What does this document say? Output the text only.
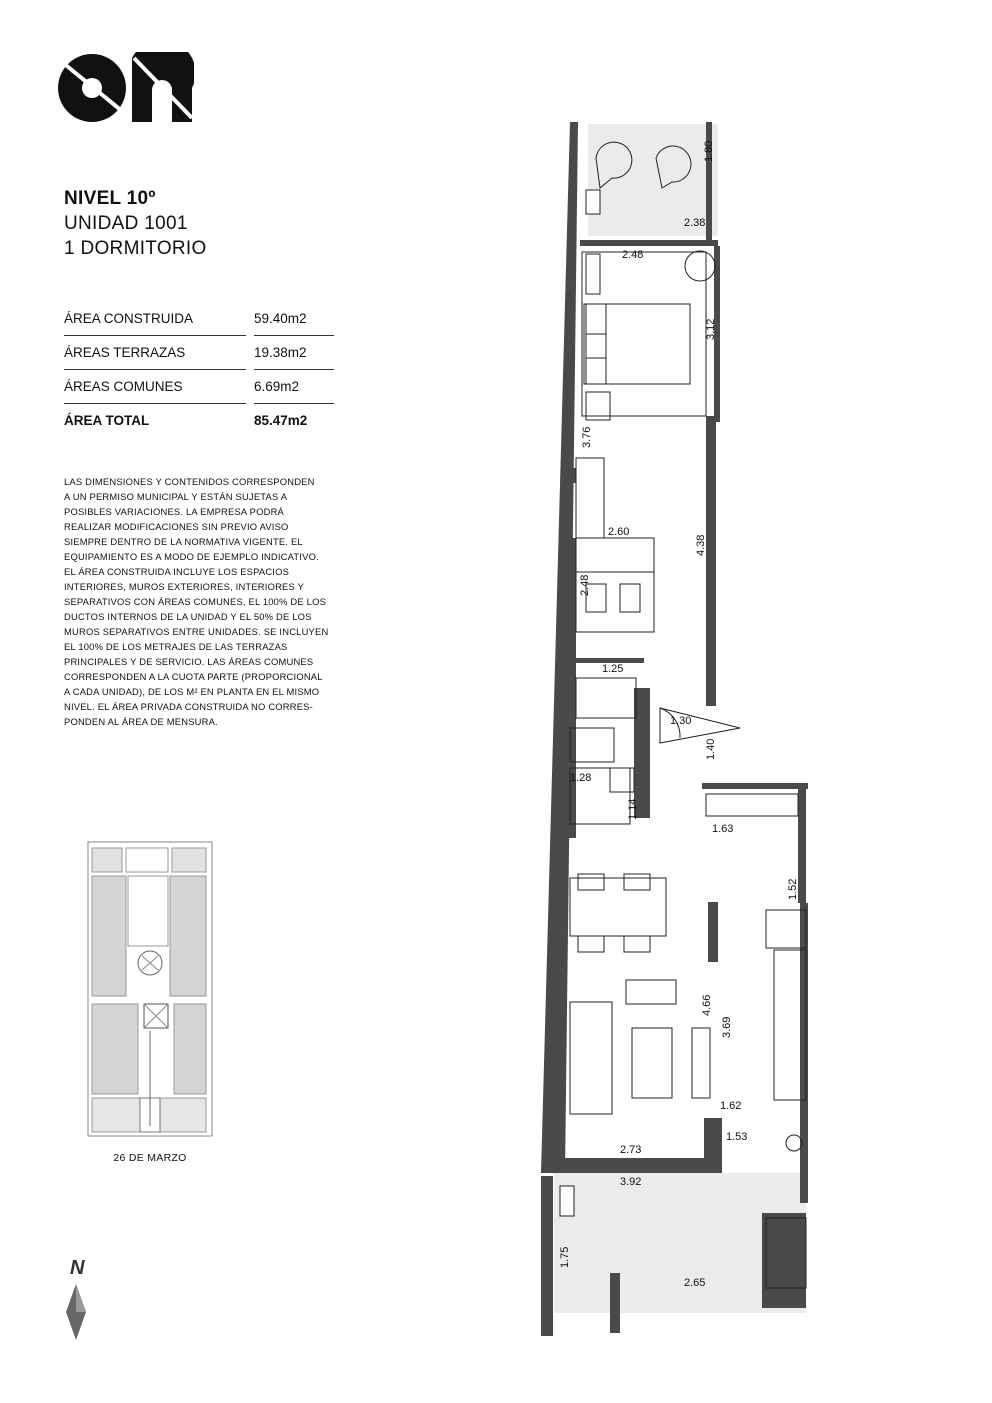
NIVEL 10º
UNIDAD 1001
1 DORMITORIO
ÁREA CONSTRUIDA	59.40m2
ÁREAS TERRAZAS	19.38m2
ÁREAS COMUNES	6.69m2
ÁREA TOTAL	85.47m2
LAS DIMENSIONES Y CONTENIDOS CORRESPONDEN
A UN PERMISO MUNICIPAL Y ESTÁN SUJETAS A
POSIBLES VARIACIONES. LA EMPRESA PODRÁ
REALIZAR MODIFICACIONES SIN PREVIO AVISO
SIEMPRE DENTRO DE LA NORMATIVA VIGENTE. EL
EQUIPAMIENTO ES A MODO DE EJEMPLO INDICATIVO.
EL ÁREA CONSTRUIDA INCLUYE LOS ESPACIOS
INTERIORES, MUROS EXTERIORES, INTERIORES Y
SEPARATIVOS CON ÁREAS COMUNES, EL 100% DE LOS
DUCTOS INTERNOS DE LA UNIDAD Y EL 50% DE LOS
MUROS SEPARATIVOS ENTRE UNIDADES. SE INCLUYEN
EL 100% DE LOS METRAJES DE LAS TERRAZAS
PRINCIPALES Y DE SERVICIO. LAS ÁREAS COMUNES
CORRESPONDEN A LA CUOTA PARTE (PROPORCIONAL
A CADA UNIDAD), DE LOS M² EN PLANTA EN EL MISMO
NIVEL. EL ÁREA PRIVADA CONSTRUIDA NO CORRES-
PONDEN AL ÁREA DE MENSURA.
26 DE MARZO
N
1.80
2.38
2.48
3.12
3.76
4.38
2.60
2.48
1.25
1.30
1.40
1.28
1.14
1.63
1.52
4.66
3.69
1.62
1.53
2.73
3.92
1.75
2.65
